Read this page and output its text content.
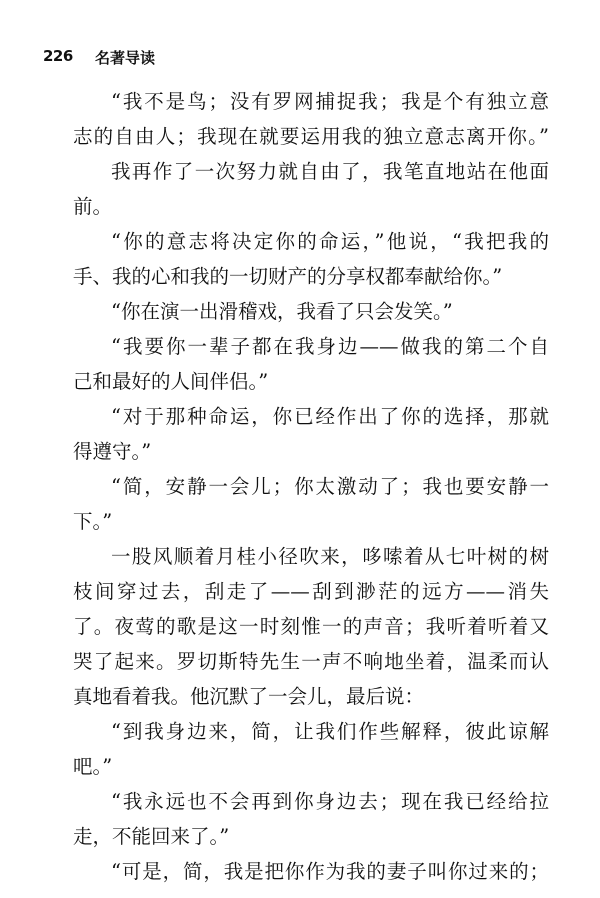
226 名著导读
“我不是鸟；没有罗网捕捉我；我是个有独立意
志的自由人；我现在就要运用我的独立意志离开你。”
我再作了一次努力就自由了，我笔直地站在他面
前。
“你的意志将决定你的命运，”他说，“我把我的
手、我的心和我的一切财产的分享权都奉献给你。”
“你在演一出滑稽戏，我看了只会发笑。”
“我要你一辈子都在我身边——做我的第二个自
己和最好的人间伴侣。”
“对于那种命运，你已经作出了你的选择，那就
得遵守。”
“简，安静一会儿；你太激动了；我也要安静一
下。”
一股风顺着月桂小径吹来，哆嗦着从七叶树的树
枝间穿过去，刮走了——刮到渺茫的远方——消失
了。夜莺的歌是这一时刻惟一的声音；我听着听着又
哭了起来。罗切斯特先生一声不响地坐着，温柔而认
真地看着我。他沉默了一会儿，最后说：
“到我身边来，简，让我们作些解释，彼此谅解
吧。”
“我永远也不会再到你身边去；现在我已经给拉
走，不能回来了。”
“可是，简，我是把你作为我的妻子叫你过来的；
